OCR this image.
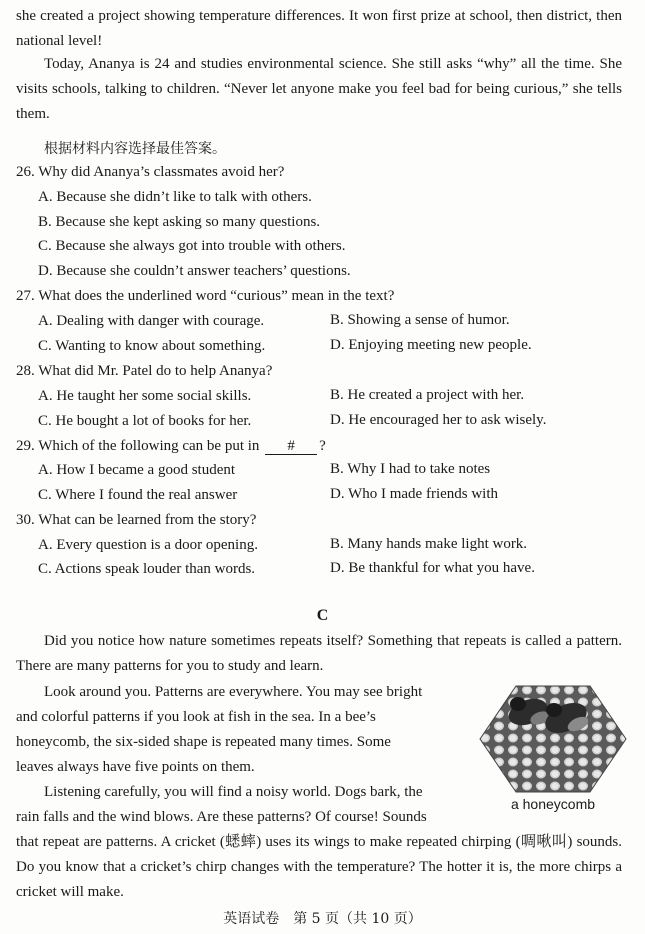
she created a project showing temperature differences. It won first prize at school, then district, then national level!
Today, Ananya is 24 and studies environmental science. She still asks “why” all the time. She visits schools, talking to children. “Never let anyone make you feel bad for being curious,” she tells them.
根据材料内容选择最佳答案。
26. Why did Ananya’s classmates avoid her?
A. Because she didn’t like to talk with others.
B. Because she kept asking so many questions.
C. Because she always got into trouble with others.
D. Because she couldn’t answer teachers’ questions.
27. What does the underlined word “curious” mean in the text?
A. Dealing with danger with courage.	B. Showing a sense of humor.
C. Wanting to know about something.	D. Enjoying meeting new people.
28. What did Mr. Patel do to help Ananya?
A. He taught her some social skills.	B. He created a project with her.
C. He bought a lot of books for her.	D. He encouraged her to ask wisely.
29. Which of the following can be put in # ?
A. How I became a good student	B. Why I had to take notes
C. Where I found the real answer	D. Who I made friends with
30. What can be learned from the story?
A. Every question is a door opening.	B. Many hands make light work.
C. Actions speak louder than words.	D. Be thankful for what you have.
C
Did you notice how nature sometimes repeats itself? Something that repeats is called a pattern. There are many patterns for you to study and learn.
Look around you. Patterns are everywhere. You may see bright
and colorful patterns if you look at fish in the sea. In a bee’s
honeycomb, the six-sided shape is repeated many times. Some
leaves always have five points on them.
Listening carefully, you will find a noisy world. Dogs bark, the
rain falls and the wind blows. Are these patterns? Of course! Sounds
that repeat are patterns. A cricket (蟋蟀) uses its wings to make repeated chirping (啁啾叫) sounds. Do you know that a cricket’s chirp changes with the temperature? The hotter it is, the more chirps a cricket will make.
a honeycomb
英语试卷　第 5 页（共 10 页）
